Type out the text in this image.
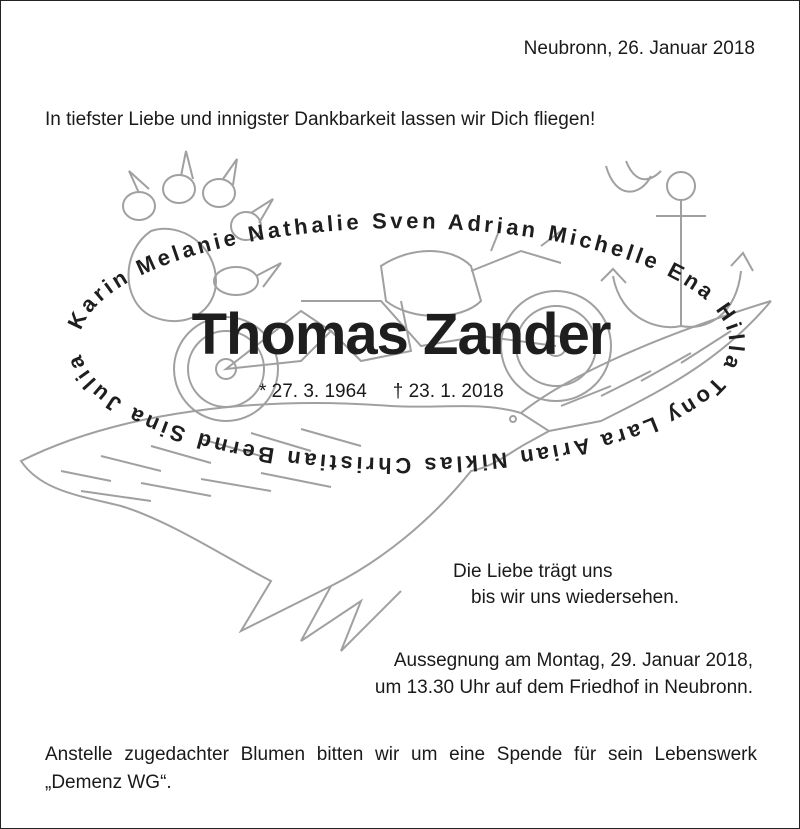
Neubronn, 26. Januar 2018
In tiefster Liebe und innigster Dankbarkeit lassen wir Dich fliegen!
Karin Melanie Nathalie Sven Adrian Michelle Ena Hilla Tony Lara Arian Niklas Christian Bernd Sina Julia	Thomas Zander
* 27. 3. 1964 † 23. 1. 2018
Die Liebe trägt uns
bis wir uns wiedersehen.
Aussegnung am Montag, 29. Januar 2018,
um 13.30 Uhr auf dem Friedhof in Neubronn.
Anstelle zugedachter Blumen bitten wir um eine Spende für sein Lebenswerk „Demenz WG“.
